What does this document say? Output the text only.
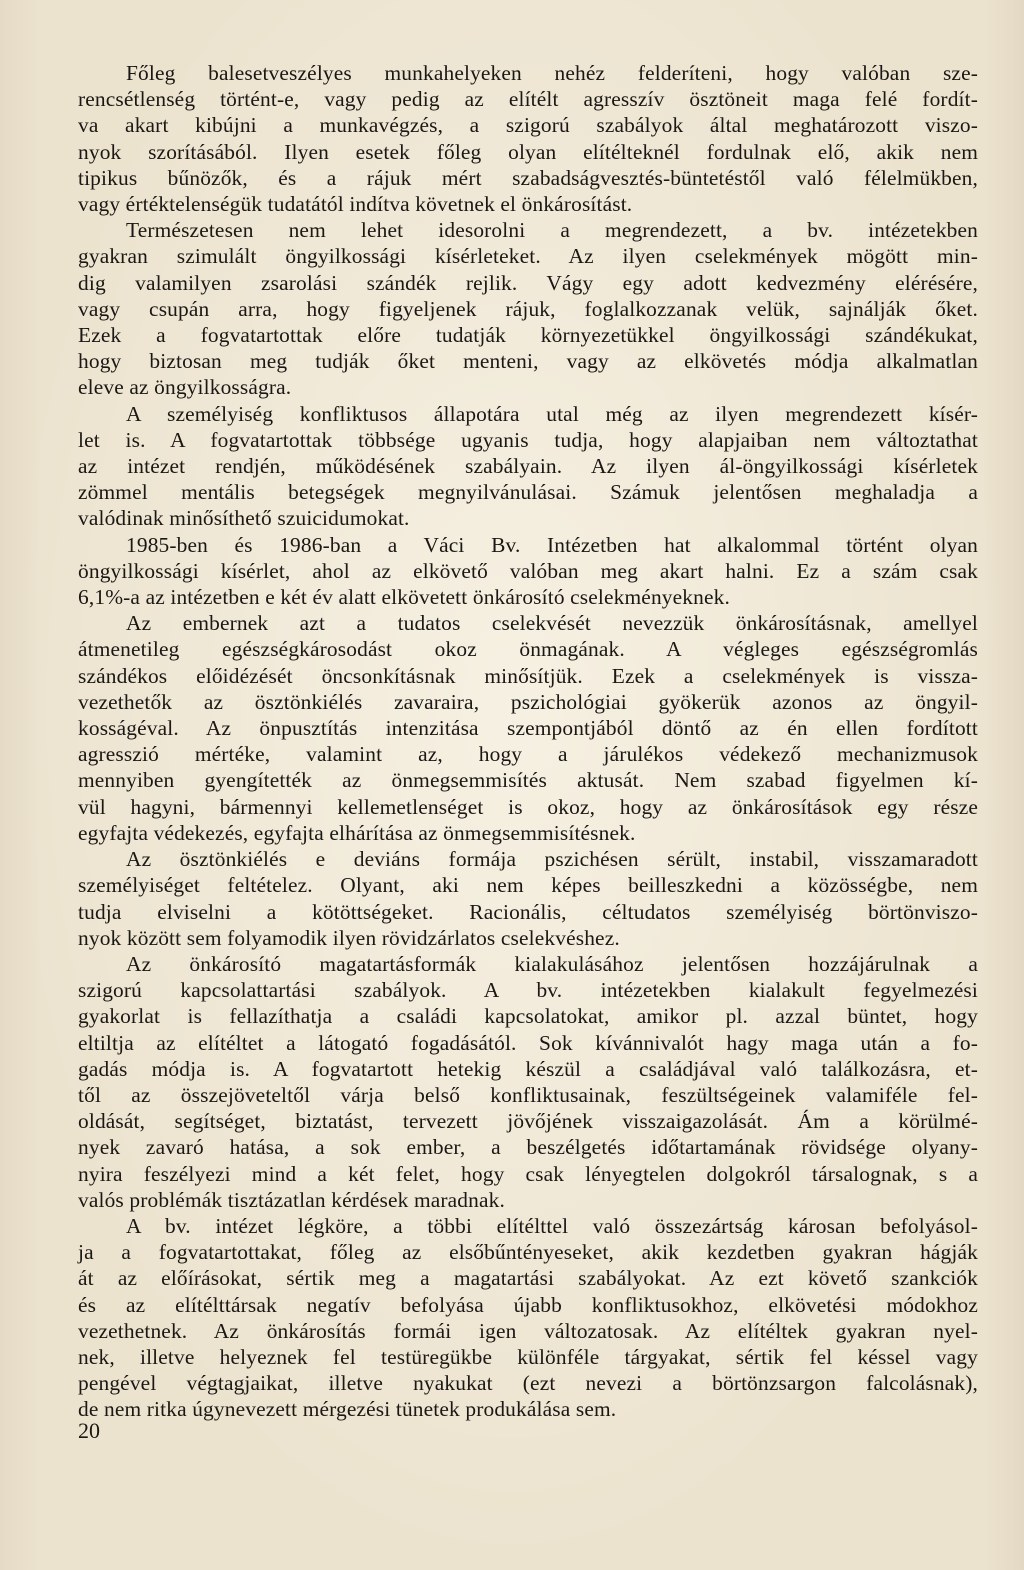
Főleg balesetveszélyes munkahelyeken nehéz felderíteni, hogy valóban sze-
rencsétlenség történt-e, vagy pedig az elítélt agresszív ösztöneit maga felé fordít-
va akart kibújni a munkavégzés, a szigorú szabályok által meghatározott viszo-
nyok szorításából. Ilyen esetek főleg olyan elítélteknél fordulnak elő, akik nem
tipikus bűnözők, és a rájuk mért szabadságvesztés-büntetéstől való félelmükben,
vagy értéktelenségük tudatától indítva követnek el önkárosítást.
Természetesen nem lehet idesorolni a megrendezett, a bv. intézetekben
gyakran szimulált öngyilkossági kísérleteket. Az ilyen cselekmények mögött min-
dig valamilyen zsarolási szándék rejlik. Vágy egy adott kedvezmény elérésére,
vagy csupán arra, hogy figyeljenek rájuk, foglalkozzanak velük, sajnálják őket.
Ezek a fogvatartottak előre tudatják környezetükkel öngyilkossági szándékukat,
hogy biztosan meg tudják őket menteni, vagy az elkövetés módja alkalmatlan
eleve az öngyilkosságra.
A személyiség konfliktusos állapotára utal még az ilyen megrendezett kísér-
let is. A fogvatartottak többsége ugyanis tudja, hogy alapjaiban nem változtathat
az intézet rendjén, működésének szabályain. Az ilyen ál-öngyilkossági kísérletek
zömmel mentális betegségek megnyilvánulásai. Számuk jelentősen meghaladja a
valódinak minősíthető szuicidumokat.
1985-ben és 1986-ban a Váci Bv. Intézetben hat alkalommal történt olyan
öngyilkossági kísérlet, ahol az elkövető valóban meg akart halni. Ez a szám csak
6,1%-a az intézetben e két év alatt elkövetett önkárosító cselekményeknek.
Az embernek azt a tudatos cselekvését nevezzük önkárosításnak, amellyel
átmenetileg egészségkárosodást okoz önmagának. A végleges egészségromlás
szándékos előidézését öncsonkításnak minősítjük. Ezek a cselekmények is vissza-
vezethetők az ösztönkiélés zavaraira, pszichológiai gyökerük azonos az öngyil-
kosságéval. Az önpusztítás intenzitása szempontjából döntő az én ellen fordított
agresszió mértéke, valamint az, hogy a járulékos védekező mechanizmusok
mennyiben gyengítették az önmegsemmisítés aktusát. Nem szabad figyelmen kí-
vül hagyni, bármennyi kellemetlenséget is okoz, hogy az önkárosítások egy része
egyfajta védekezés, egyfajta elhárítása az önmegsemmisítésnek.
Az ösztönkiélés e deviáns formája pszichésen sérült, instabil, visszamaradott
személyiséget feltételez. Olyant, aki nem képes beilleszkedni a közösségbe, nem
tudja elviselni a kötöttségeket. Racionális, céltudatos személyiség börtönviszo-
nyok között sem folyamodik ilyen rövidzárlatos cselekvéshez.
Az önkárosító magatartásformák kialakulásához jelentősen hozzájárulnak a
szigorú kapcsolattartási szabályok. A bv. intézetekben kialakult fegyelmezési
gyakorlat is fellazíthatja a családi kapcsolatokat, amikor pl. azzal büntet, hogy
eltiltja az elítéltet a látogató fogadásától. Sok kívánnivalót hagy maga után a fo-
gadás módja is. A fogvatartott hetekig készül a családjával való találkozásra, et-
től az összejöveteltől várja belső konfliktusainak, feszültségeinek valamiféle fel-
oldását, segítséget, biztatást, tervezett jövőjének visszaigazolását. Ám a körülmé-
nyek zavaró hatása, a sok ember, a beszélgetés időtartamának rövidsége olyany-
nyira feszélyezi mind a két felet, hogy csak lényegtelen dolgokról társalognak, s a
valós problémák tisztázatlan kérdések maradnak.
A bv. intézet légköre, a többi elítélttel való összezártság károsan befolyásol-
ja a fogvatartottakat, főleg az elsőbűntényeseket, akik kezdetben gyakran hágják
át az előírásokat, sértik meg a magatartási szabályokat. Az ezt követő szankciók
és az elítélttársak negatív befolyása újabb konfliktusokhoz, elkövetési módokhoz
vezethetnek. Az önkárosítás formái igen változatosak. Az elítéltek gyakran nyel-
nek, illetve helyeznek fel testüregükbe különféle tárgyakat, sértik fel késsel vagy
pengével végtagjaikat, illetve nyakukat (ezt nevezi a börtönzsargon falcolásnak),
de nem ritka úgynevezett mérgezési tünetek produkálása sem.
20
